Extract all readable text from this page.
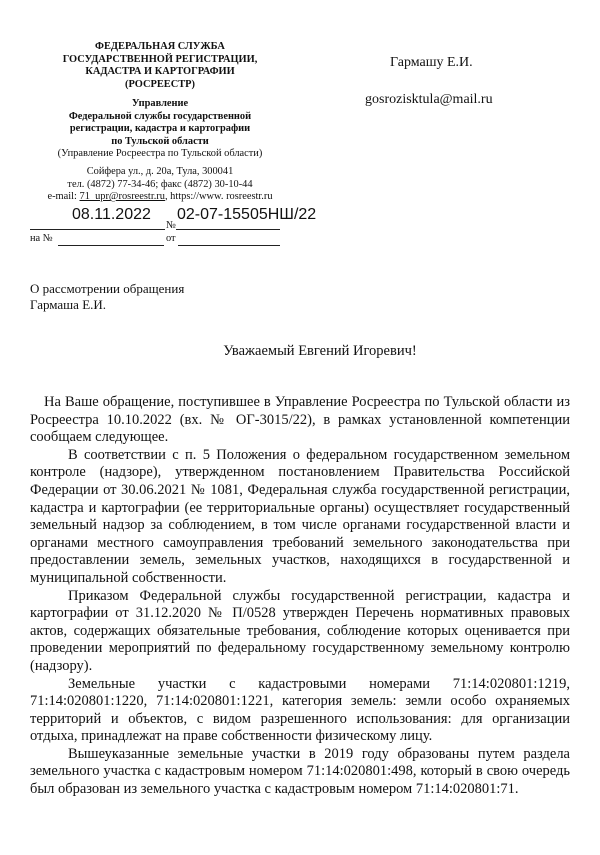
ФЕДЕРАЛЬНАЯ СЛУЖБА
ГОСУДАРСТВЕННОЙ РЕГИСТРАЦИИ,
КАДАСТРА И КАРТОГРАФИИ
(РОСРЕЕСТР)
Управление
Федеральной службы государственной
регистрации, кадастра и картографии
по Тульской области
(Управление Росреестра по Тульской области)
Сойфера ул., д. 20а, Тула, 300041
тел. (4872) 77-34-46; факс (4872) 30-10-44
e-mail: 71_upr@rosreestr.ru, https://www. rosreestr.ru
08.11.2022
№
02-07-15505НШ/22
на №	от
Гармашу Е.И.
gosrozisktula@mail.ru
О рассмотрении обращения
Гармаша Е.И.
Уважаемый Евгений Игоревич!

На Ваше обращение, поступившее в Управление Росреестра по Тульской области из Росреестра 10.10.2022 (вх. № ОГ-3015/22), в рамках установленной компетенции сообщаем следующее.

В соответствии с п. 5 Положения о федеральном государственном земельном контроле (надзоре), утвержденном постановлением Правительства Российской Федерации от 30.06.2021 № 1081, Федеральная служба государственной регистрации, кадастра и картографии (ее территориальные органы) осуществляет государственный земельный надзор за соблюдением, в том числе органами государственной власти и органами местного самоуправления требований земельного законодательства при предоставлении земель, земельных участков, находящихся в государственной и муниципальной собственности.

Приказом Федеральной службы государственной регистрации, кадастра и картографии от 31.12.2020 № П/0528 утвержден Перечень нормативных правовых актов, содержащих обязательные требования, соблюдение которых оценивается при проведении мероприятий по федеральному государственному земельному контролю (надзору).

Земельные участки с кадастровыми номерами 71:14:020801:1219, 71:14:020801:1220, 71:14:020801:1221, категория земель: земли особо охраняемых территорий и объектов, с видом разрешенного использования: для организации отдыха, принадлежат на праве собственности физическому лицу.

Вышеуказанные земельные участки в 2019 году образованы путем раздела земельного участка с кадастровым номером 71:14:020801:498, который в свою очередь был образован из земельного участка с кадастровым номером 71:14:020801:71.
